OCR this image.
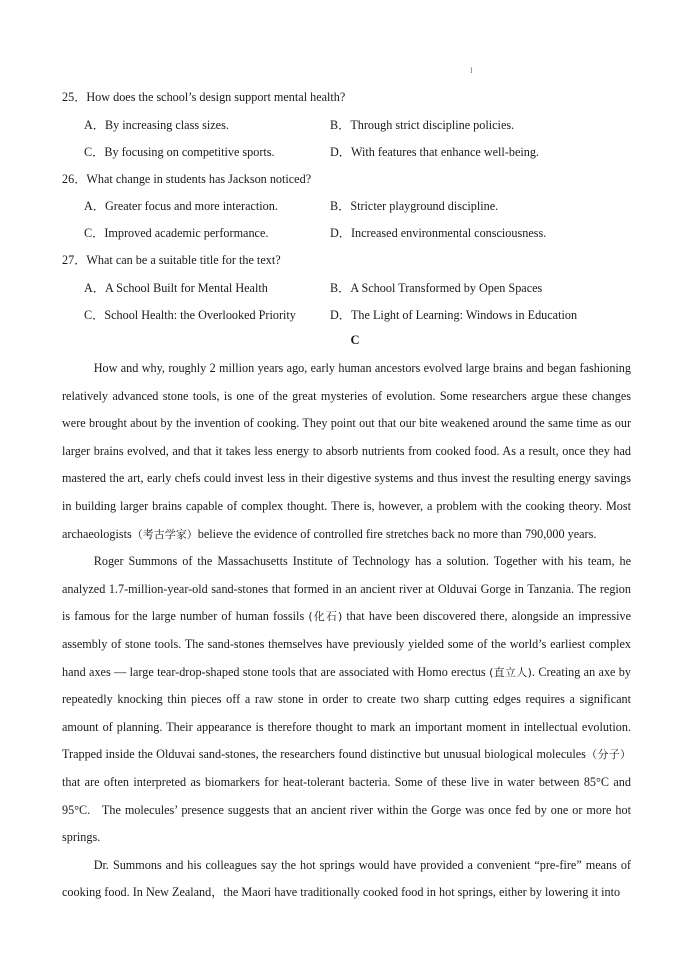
I
25．How does the school’s design support mental health?
A．By increasing class sizes.	B．Through strict discipline policies.
C．By focusing on competitive sports.	D．With features that enhance well-being.
26．What change in students has Jackson noticed?
A．Greater focus and more interaction.	B．Stricter playground discipline.
C．Improved academic performance.	D．Increased environmental consciousness.
27．What can be a suitable title for the text?
A．A School Built for Mental Health	B．A School Transformed by Open Spaces
C．School Health: the Overlooked Priority	D．The Light of Learning: Windows in Education
C

How and why, roughly 2 million years ago, early human ancestors evolved large brains and began fashioning relatively advanced stone tools, is one of the great mysteries of evolution. Some researchers argue these changes were brought about by the invention of cooking. They point out that our bite weakened around the same time as our larger brains evolved, and that it takes less energy to absorb nutrients from cooked food. As a result, once they had mastered the art, early chefs could invest less in their digestive systems and thus invest the resulting energy savings in building larger brains capable of complex thought. There is, however, a problem with the cooking theory. Most archaeologists（考古学家）believe the evidence of controlled fire stretches back no more than 790,000 years.

Roger Summons of the Massachusetts Institute of Technology has a solution. Together with his team, he analyzed 1.7-million-year-old sand-stones that formed in an ancient river at Olduvai Gorge in Tanzania. The region is famous for the large number of human fossils (化石) that have been discovered there, alongside an impressive assembly of stone tools. The sand-stones themselves have previously yielded some of the world’s earliest complex hand axes — large tear-drop-shaped stone tools that are associated with Homo erectus (直立人). Creating an axe by repeatedly knocking thin pieces off a raw stone in order to create two sharp cutting edges requires a significant amount of planning. Their appearance is therefore thought to mark an important moment in intellectual evolution. Trapped inside the Olduvai sand-stones, the researchers found distinctive but unusual biological molecules（分子）that are often interpreted as biomarkers for heat-tolerant bacteria. Some of these live in water between 85°C and 95°C.   The molecules’ presence suggests that an ancient river within the Gorge was once fed by one or more hot springs.

Dr. Summons and his colleagues say the hot springs would have provided a convenient “pre-fire” means of cooking food. In New Zealand，the Maori have traditionally cooked food in hot springs, either by lowering it into
